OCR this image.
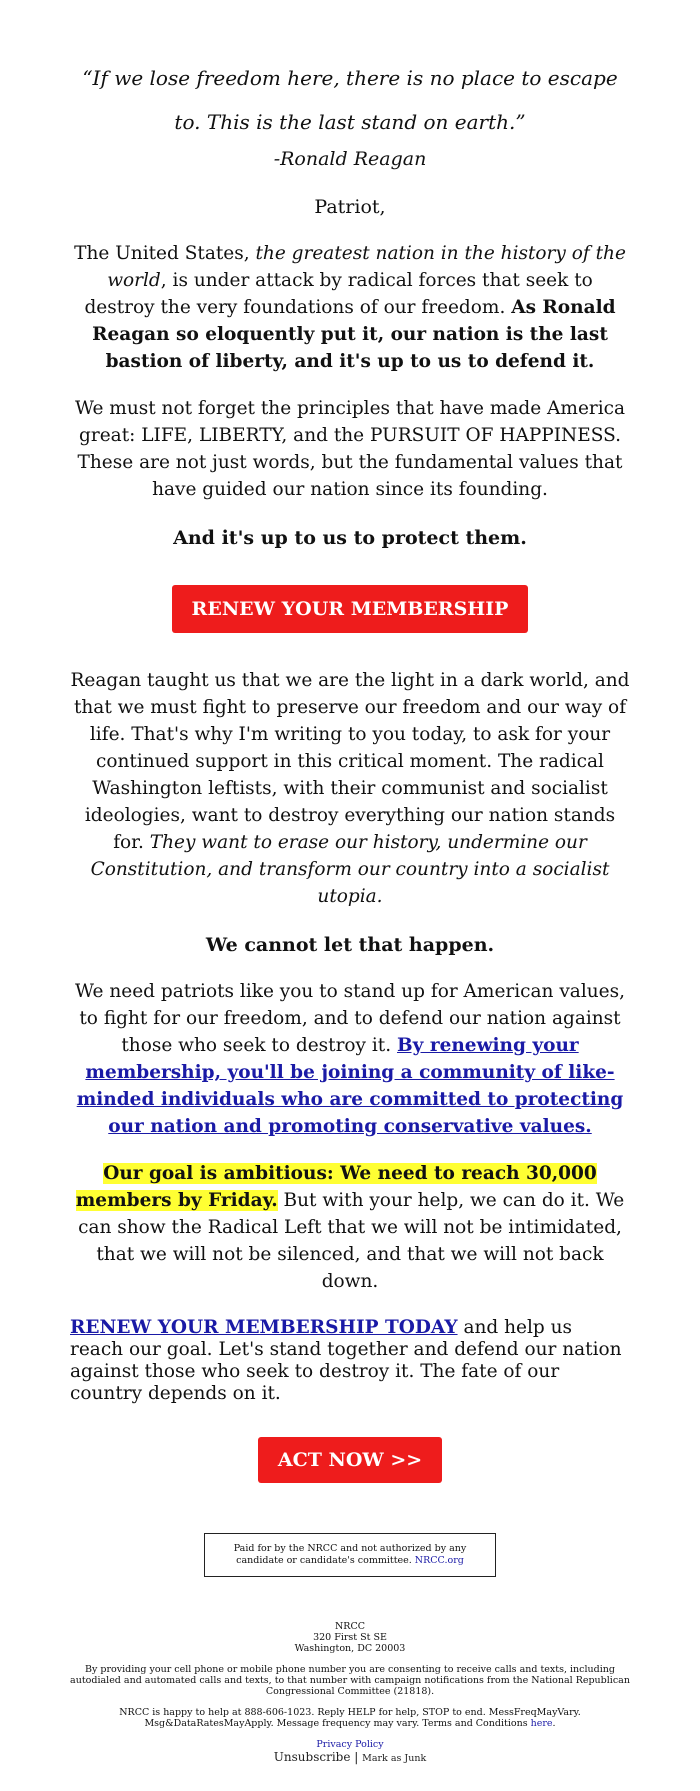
“If we lose freedom here, there is no place to escape to. This is the last stand on earth.”

-Ronald Reagan

Patriot,

The United States, the greatest nation in the history of the world, is under attack by radical forces that seek to destroy the very foundations of our freedom. As Ronald Reagan so eloquently put it, our nation is the last bastion of liberty, and it's up to us to defend it.

We must not forget the principles that have made America great: LIFE, LIBERTY, and the PURSUIT OF HAPPINESS. These are not just words, but the fundamental values that have guided our nation since its founding.

And it's up to us to protect them.

RENEW YOUR MEMBERSHIP

Reagan taught us that we are the light in a dark world, and that we must fight to preserve our freedom and our way of life. That's why I'm writing to you today, to ask for your continued support in this critical moment. The radical Washington leftists, with their communist and socialist ideologies, want to destroy everything our nation stands for. They want to erase our history, undermine our Constitution, and transform our country into a socialist utopia.

We cannot let that happen.

We need patriots like you to stand up for American values, to fight for our freedom, and to defend our nation against those who seek to destroy it. By renewing your membership, you'll be joining a community of like-minded individuals who are committed to protecting our nation and promoting conservative values.

Our goal is ambitious: We need to reach 30,000 members by Friday. But with your help, we can do it. We can show the Radical Left that we will not be intimidated, that we will not be silenced, and that we will not back down.

RENEW YOUR MEMBERSHIP TODAY and help us reach our goal. Let's stand together and defend our nation against those who seek to destroy it. The fate of our country depends on it.

ACT NOW >>
Paid for by the NRCC and not authorized by any candidate or candidate's committee. NRCC.org

NRCC

320 First St SE

Washington, DC 20003

By providing your cell phone or mobile phone number you are consenting to receive calls and texts, including autodialed and automated calls and texts, to that number with campaign notifications from the National Republican Congressional Committee (21818).

NRCC is happy to help at 888-606-1023. Reply HELP for help, STOP to end. MessFreqMayVary. Msg&DataRatesMayApply. Message frequency may vary. Terms and Conditions here.

Privacy Policy

Unsubscribe | Mark as Junk
